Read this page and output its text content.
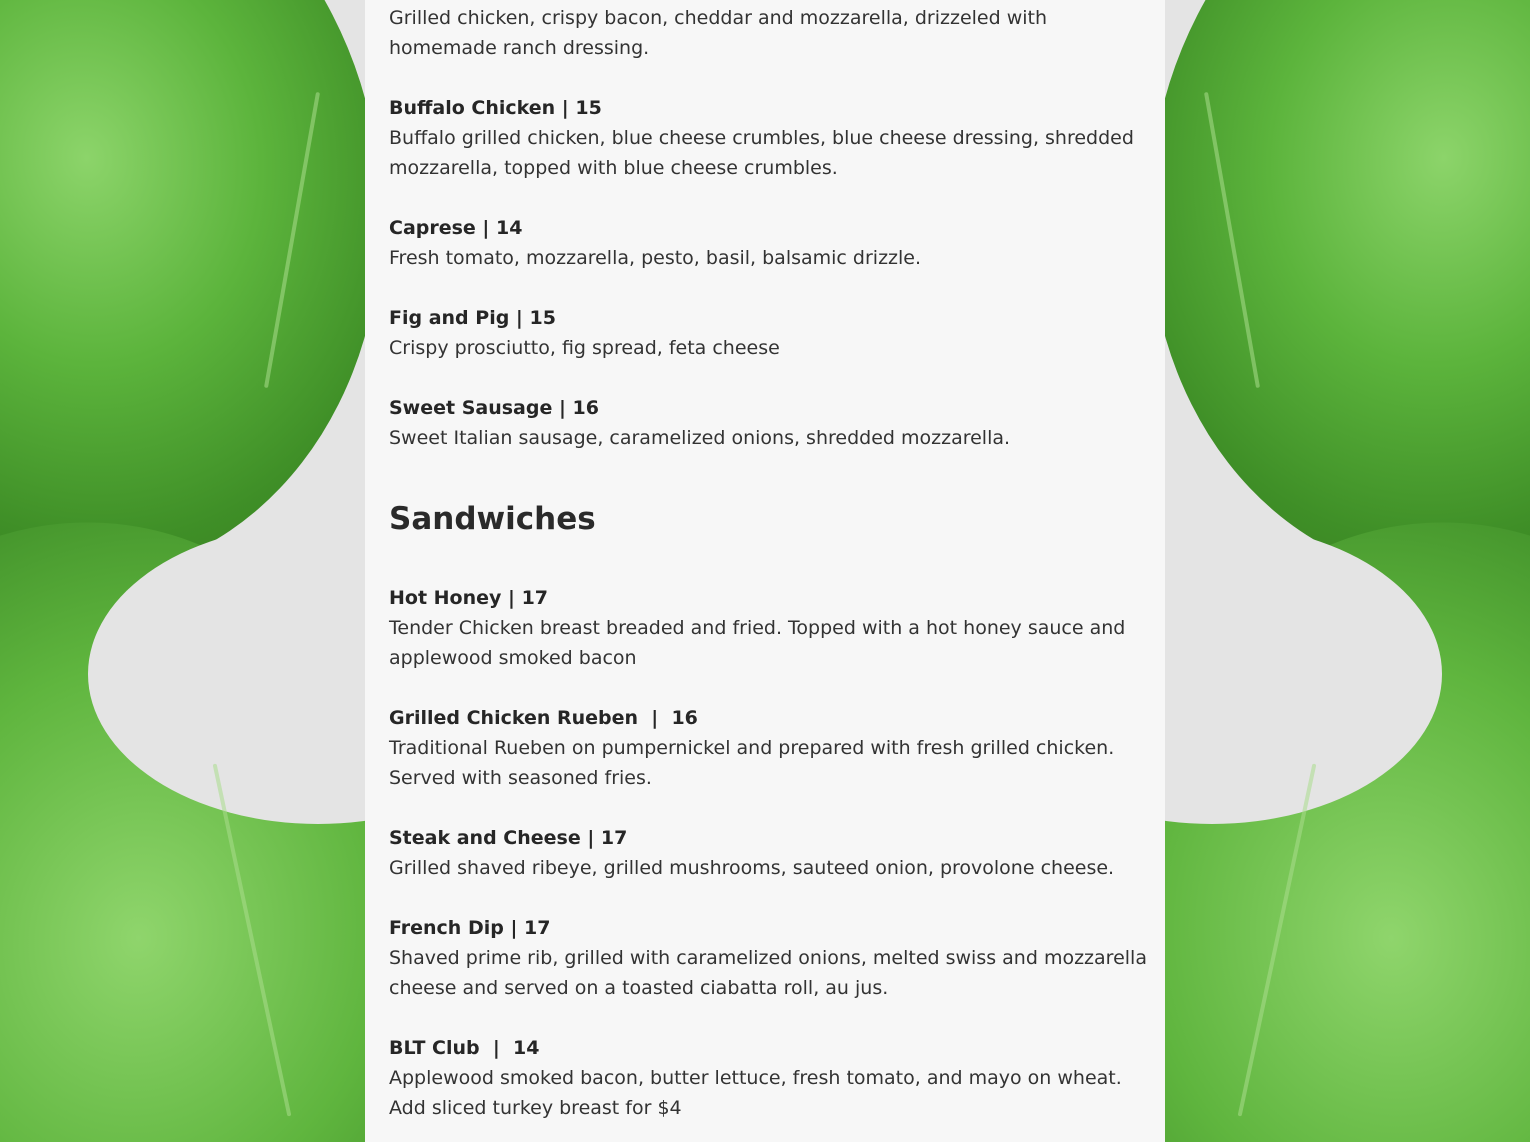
Grilled chicken, crispy bacon, cheddar and mozzarella, drizzeled with homemade ranch dressing.
Buffalo Chicken | 15
Buffalo grilled chicken, blue cheese crumbles, blue cheese dressing, shredded mozzarella, topped with blue cheese crumbles.
Caprese | 14
Fresh tomato, mozzarella, pesto, basil, balsamic drizzle.
Fig and Pig | 15
Crispy prosciutto, fig spread, feta cheese
Sweet Sausage | 16
Sweet Italian sausage, caramelized onions, shredded mozzarella.
Sandwiches
Hot Honey | 17
Tender Chicken breast breaded and fried. Topped with a hot honey sauce and applewood smoked bacon
Grilled Chicken Rueben  |  16
Traditional Rueben on pumpernickel and prepared with fresh grilled chicken. Served with seasoned fries.
Steak and Cheese | 17
Grilled shaved ribeye, grilled mushrooms, sauteed onion, provolone cheese.
French Dip | 17
Shaved prime rib, grilled with caramelized onions, melted swiss and mozzarella cheese and served on a toasted ciabatta roll, au jus.
BLT Club  |  14
Applewood smoked bacon, butter lettuce, fresh tomato, and mayo on wheat. Add sliced turkey breast for $4
